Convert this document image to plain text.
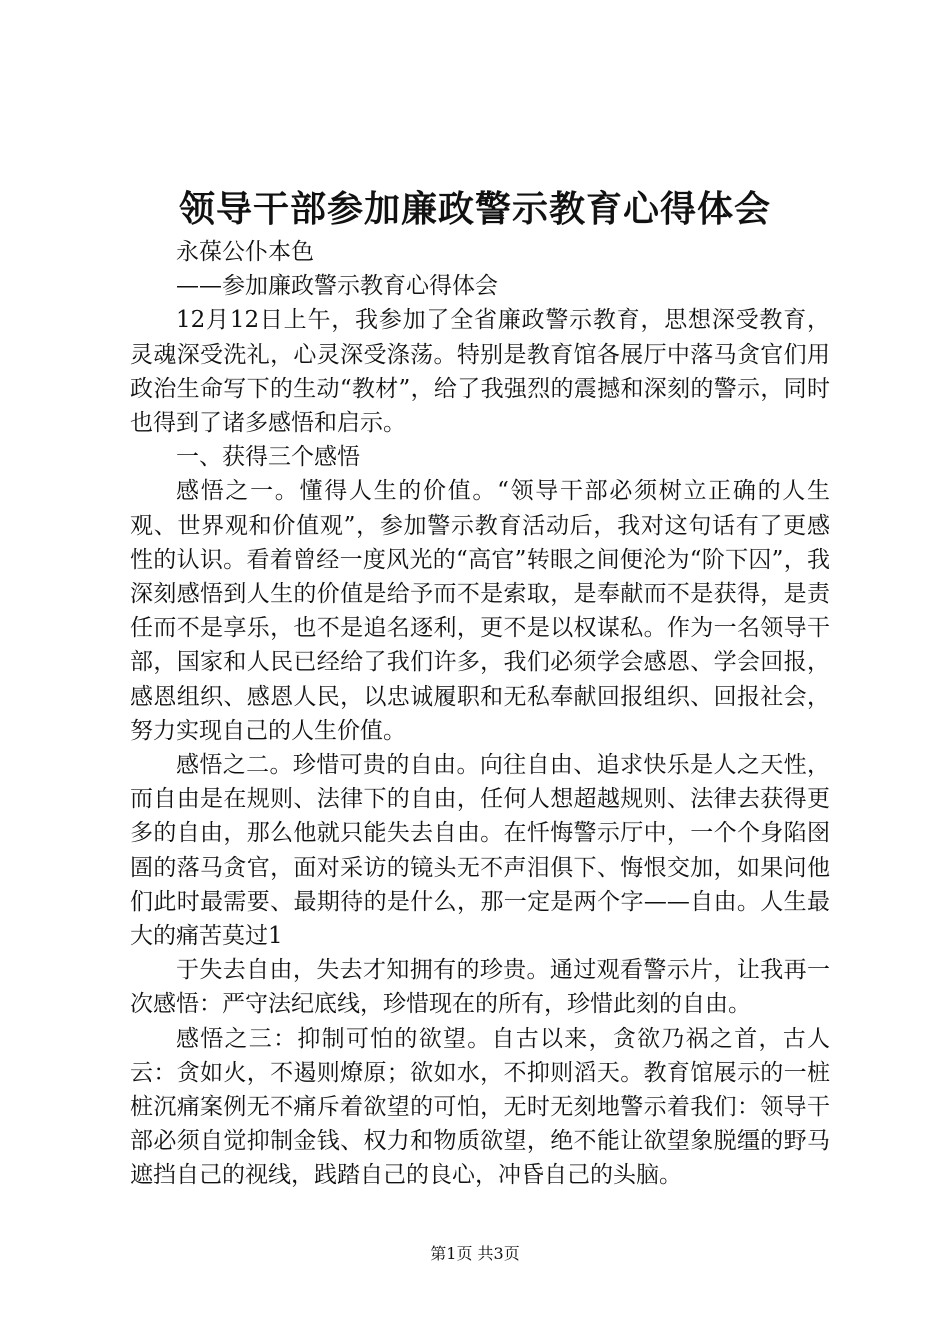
领导干部参加廉政警示教育心得体会

永葆公仆本色

——参加廉政警示教育心得体会

12月12日上午，我参加了全省廉政警示教育，思想深受教育，灵魂深受洗礼，心灵深受涤荡。特别是教育馆各展厅中落马贪官们用政治生命写下的生动“教材”，给了我强烈的震撼和深刻的警示，同时也得到了诸多感悟和启示。

一、获得三个感悟

感悟之一。懂得人生的价值。“领导干部必须树立正确的人生观、世界观和价值观”，参加警示教育活动后，我对这句话有了更感性的认识。看着曾经一度风光的“高官”转眼之间便沦为“阶下囚”，我深刻感悟到人生的价值是给予而不是索取，是奉献而不是获得，是责任而不是享乐，也不是追名逐利，更不是以权谋私。作为一名领导干部，国家和人民已经给了我们许多，我们必须学会感恩、学会回报，感恩组织、感恩人民，以忠诚履职和无私奉献回报组织、回报社会，努力实现自己的人生价值。

感悟之二。珍惜可贵的自由。向往自由、追求快乐是人之天性，而自由是在规则、法律下的自由，任何人想超越规则、法律去获得更多的自由，那么他就只能失去自由。在忏悔警示厅中，一个个身陷囹圄的落马贪官，面对采访的镜头无不声泪俱下、悔恨交加，如果问他们此时最需要、最期待的是什么，那一定是两个字——自由。人生最大的痛苦莫过1

于失去自由，失去才知拥有的珍贵。通过观看警示片，让我再一次感悟：严守法纪底线，珍惜现在的所有，珍惜此刻的自由。

感悟之三：抑制可怕的欲望。自古以来，贪欲乃祸之首，古人云：贪如火，不遏则燎原；欲如水，不抑则滔天。教育馆展示的一桩桩沉痛案例无不痛斥着欲望的可怕，无时无刻地警示着我们：领导干部必须自觉抑制金钱、权力和物质欲望，绝不能让欲望象脱缰的野马遮挡自己的视线，践踏自己的良心，冲昏自己的头脑。

第1页 共3页
